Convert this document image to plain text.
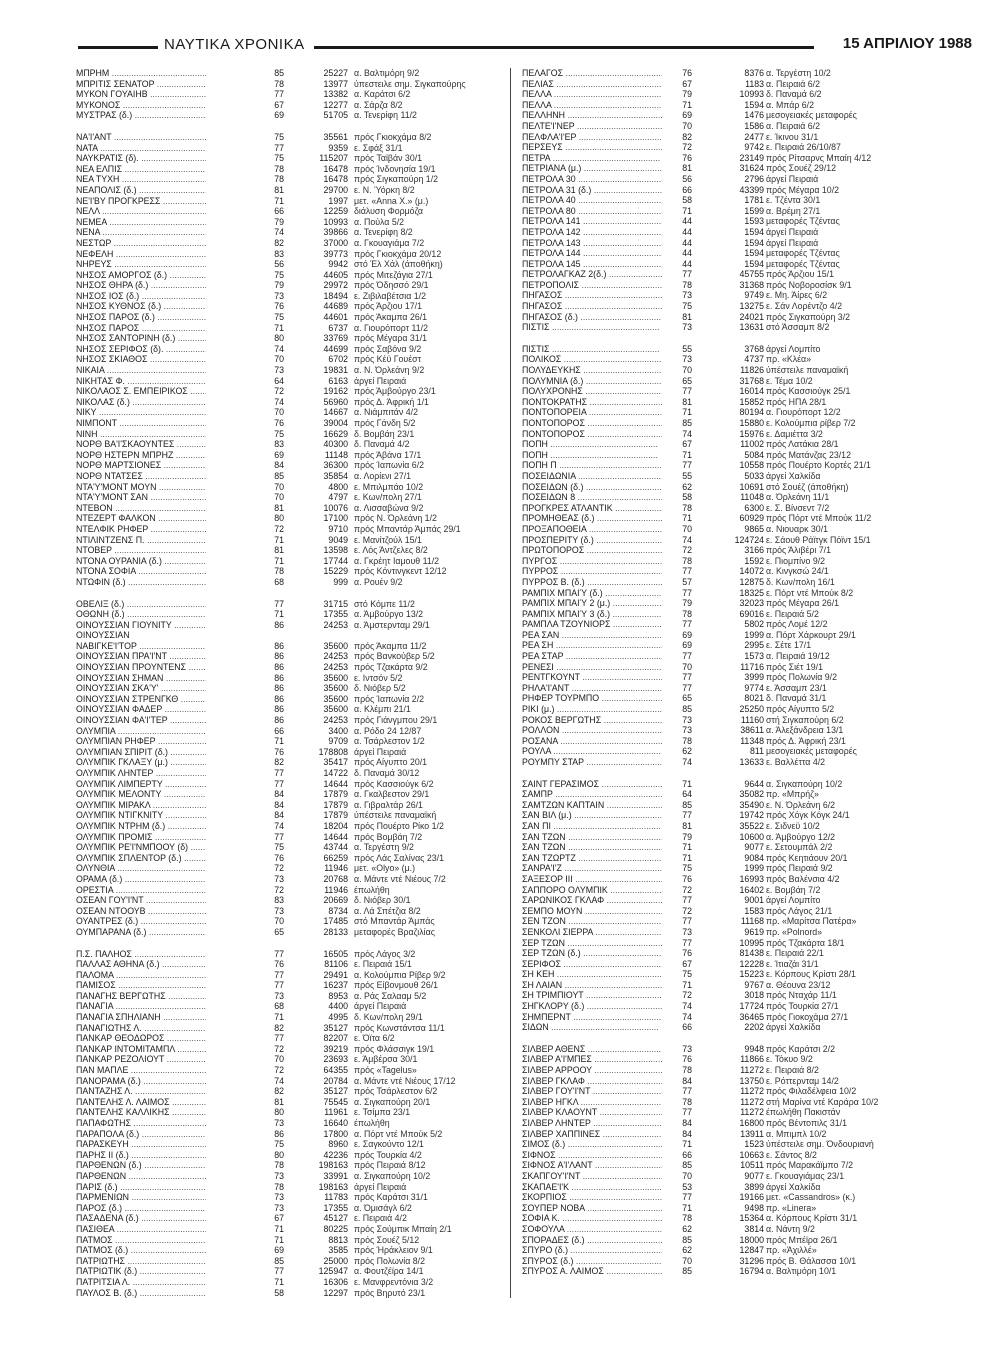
ΝΑΥΤΙΚΑ ΧΡΟΝΙΚΑ	15 ΑΠΡΙΛΙΟΥ 1988
ΜΠΡΗΜ .....	85	25227 α. Βαλτιμόρη 9/2
ΜΠΡΙΤΙΣ ΣΕΝΑΤΟΡ .....	78	13977 ύπεστειλε σημ. Σιγκαπούρης
ΜΥΚΟΝ ΓΟΥΑΙΗΒ .....	77	13382 α. Καράτσι 6/2
ΜΥΚΟΝΟΣ .....	67	12277 α. Σάρζα 8/2
ΜΥΣΤΡΑΣ (δ.) .....	69	51705 α. Τενερίφη 11/2
ΝΑ'Ι'ΑΝΤ .....	75	35561 πρός Γκιοκχάμα 8/2
ΝΑΤΑ .....	77	9359 ε. Σφάξ 31/1
ΝΑΥΚΡΑΤΙΣ (δ). .....	75	115207 πρός Ταϊβάν 30/1
ΝΕΑ ΕΛΠΙΣ .....	78	16478 πρός Ίνδονησία 19/1
ΝΕΑ ΤΥΧΗ .....	78	16478 πρός Σιγκαπούρη 1/2
ΝΕΑΠΟΛΙΣ (δ.) .....	81	29700 ε. Ν. Ύόρκη 8/2
ΝΕ'Ι'ΒΥ ΠΡΟΓΚΡΕΣΣ .....	71	1997 μετ. «Anna X.» (μ.)
ΝΕΛΛ .....	66	12259 διάλυση Φορμόζα
ΝΕΜΕΑ .....	79	10993 α. Πούλα 5/2
ΝΕΝΑ .....	74	39866 α. Τενερίφη 8/2
ΝΕΣΤΩΡ .....	82	37000 α. Γκουαγιάμα 7/2
ΝΕΦΕΛΗ .....	83	39773 πρός Γκιοκχάμα 20/12
ΝΗΡΕΥΣ .....	56	9942 στό Έλ Χάλ (άποθήκη)
ΝΗΣΟΣ ΑΜΟΡΓΟΣ (δ.) .....	75	44605 πρός Μιτεζάγια 27/1
ΝΗΣΟΣ ΘΗΡΑ (δ.) .....	79	29972 πρός Όδησσό 29/1
ΝΗΣΟΣ ΙΟΣ (δ.) .....	73	18494 ε. Ζιβιλαβέτσια 1/2
ΝΗΣΟΣ ΚΥΘΝΟΣ (δ.) .....	76	44689 πρός Άρζιου 17/1
ΝΗΣΟΣ ΠΑΡΟΣ (δ.) .....	75	44601 πρός Άκαμπα 26/1
ΝΗΣΟΣ ΠΑΡΟΣ .....	71	6737 α. Γιουρόπορτ 11/2
ΝΗΣΟΣ ΣΑΝΤΟΡΙΝΗ (δ.) .....	80	33769 πρός Μέγαρα 31/1
ΝΗΣΟΣ ΣΕΡΙΦΟΣ (δ). .....	74	44699 πρός Σαβόνα 9/2
ΝΗΣΟΣ ΣΚΙΑΘΟΣ .....	70	6702 πρός Κέϋ Γουέστ
ΝΙΚΑΙΑ .....	73	19831 α. Ν. Όρλεάνη 9/2
ΝΙΚΗΤΑΣ Φ. .....	64	6163 άργεί Πειραιά
ΝΙΚΟΛΑΟΣ Σ. ΕΜΠΕΙΡΙΚΟΣ .....	72	19162 πρός Άμβούργο 23/1
ΝΙΚΟΛΑΣ (δ.) .....	74	56960 πρός Δ. Άφρική 1/1
ΝΙΚΥ .....	70	14667 α. Νιάμπιτάν 4/2
ΝΙΜΠΟΝΤ .....	76	39004 πρός Γάνδη 5/2
ΝΙΝΗ .....	75	16629 δ. Βομβάη 23/1
ΝΟΡΘ ΒΑ'Ι'ΣΚΑΟΥΝΤΕΣ .....	83	40300 δ. Παναμά 4/2
ΝΟΡΘ ΗΣΤΕΡΝ ΜΠΡΗΖ .....	69	11148 πρός Άβάνα 17/1
ΝΟΡΘ ΜΑΡΤΣΙΟΝΕΣ .....	84	36300 πρός Ίαπωνία 6/2
ΝΟΡΘ ΝΤΑΤΣΕΣ .....	85	35854 α. Λορίενι 27/1
ΝΤΑ'Υ'ΜΟΝΤ ΜΟΥΝ .....	70	4800 ε. Μπιλμπάο 10/2
ΝΤΑ'Υ'ΜΟΝΤ ΣΑΝ .....	70	4797 ε. Κων/πολη 27/1
ΝΤΕΒΟΝ .....	81	10076 α. Λισσαβώνα 9/2
ΝΤΕΖΕΡΤ ΦΑΛΚΟΝ .....	80	17100 πρός Ν. Όρλεάνη 1/2
ΝΤΕΛΦΙΚ ΡΗΦΕΡ .....	72	9710 πρός Μπαντάρ Άμπάς 29/1
ΝΤΙΛΙΝΤΖΕΝΣ Π. .....	71	9049 ε. Μανίτζούλ 15/1
ΝΤΟΒΕΡ .....	81	13598 ε. Λός Άντζελες 8/2
ΝΤΟΝΑ ΟΥΡΑΝΙΑ (δ.) .....	71	17744 α. Γκρέητ Ιαμουθ 11/2
ΝΤΟΝΑ ΣΟΦΙΑ .....	78	15229 πρός Κόντινγκεντ 12/12
ΝΤΩΦΙΝ (δ.) .....	68	999 α. Ρουέν 9/2
ΟΒΕΛΙΞ (δ.) .....	77	31715 στό Κόμπε 11/2
ΟΘΩΝΗ (δ.) .....	71	17355 α. Άμβούργο 13/2
ΟΙΝΟΥΣΣΙΑΝ ΓΙΟΥΝΙΤΥ .....	86	24253 α. Άμστερνταμ 29/1
ΟΙΝΟΥΣΣΙΑΝ
ΝΑΒΙΓΚΕ'Ι'ΤΟΡ .....	86	35600 πρός Άκαμπα 11/2
ΟΙΝΟΥΣΣΙΑΝ ΠΡΑ'Ι'ΝΤ .....	86	24253 πρός Βανκούβερ 5/2
ΟΙΝΟΥΣΣΙΑΝ ΠΡΟΥΝΤΕΝΣ .....	86	24253 πρός Τζακάρτα 9/2
ΟΙΝΟΥΣΣΙΑΝ ΣΗΜΑΝ .....	86	35600 ε. Ιντσόν 5/2
ΟΙΝΟΥΣΣΙΑΝ ΣΚΑ'Υ' .....	86	35600 δ. Νιόβερ 5/2
ΟΙΝΟΥΣΣΙΑΝ ΣΤΡΕΝΓΚΘ .....	86	35600 πρός Ίαπωνία 2/2
ΟΙΝΟΥΣΣΙΑΝ ΦΑΔΕΡ .....	86	35600 α. Κλέμπι 21/1
ΟΙΝΟΥΣΣΙΑΝ ΦΑ'Ι'ΤΕΡ .....	86	24253 πρός Γιάνγμπου 29/1
ΟΛΥΜΠΙΑ .....	66	3400 α. Ρόδο 24 12/87
ΟΛΥΜΠΙΑΝ ΡΗΦΕΡ .....	71	9709 α. Τσάρλεστον 1/2
ΟΛΥΜΠΙΑΝ ΣΠΙΡΙΤ (δ.) .....	76	178808 άργεί Πειραιά
ΟΛΥΜΠΙΚ ΓΚΛΑΞΥ (μ.) .....	82	35417 πρός Αίγυπτο 20/1
ΟΛΥΜΠΙΚ ΛΗΝΤΕΡ .....	77	14722 δ. Παναμά 30/12
ΟΛΥΜΠΙΚ ΛΙΜΠΕΡΤΥ .....	77	14644 πρός Κασσιούγκ 6/2
ΟΛΥΜΠΙΚ ΜΕΛΟΝΤΥ .....	84	17879 α. Γκαλβεστον 29/1
ΟΛΥΜΠΙΚ ΜΙΡΑΚΛ .....	84	17879 α. Γιβραλτάρ 26/1
ΟΛΥΜΠΙΚ ΝΤΙΓΚΝΙΤΥ .....	84	17879 ύπέστειλε παναμαϊκή
ΟΛΥΜΠΙΚ ΝΤΡΗΜ (δ.) .....	74	18204 πρός Πουέρτο Ρίκο 1/2
ΟΛΥΜΠΙΚ ΠΡΟΜΙΣ .....	77	14644 πρός Βομβάη 7/2
ΟΛΥΜΠΙΚ ΡΕ'Ι'ΝΜΠΟΟΥ (δ) .....	75	43744 α. Τεργέστη 9/2
ΟΛΥΜΠΙΚ ΣΠΛΕΝΤΟΡ (δ.) .....	76	66259 πρός Λάς Σαλίνας 23/1
ΟΛΥΝΘΙΑ .....	72	11946 μετ. «Olyo» (μ.)
ΟΡΑΜΑ (δ.) .....	73	20768 α. Μάντε ντέ Νιέους 7/2
ΟΡΕΣΤΙΑ .....	72	11946 έπωλήθη
ΟΣΕΑΝ ΓΟΥ'Ι'ΝΤ .....	83	20669 δ. Νιόβερ 30/1
ΟΣΕΑΝ ΝΤΟΟΥΒ .....	73	8734 α. Λά Σπέτζια 8/2
ΟΥΑΝΤΡΕΣ (δ.) .....	70	17485 στό Μπαντάρ Άμπάς
ΟΥΜΠΑΡΑΝΑ (δ.) .....	65	28133 μεταφορές Βραζιλίας
Π.Σ. ΠΑΛΗΟΣ .....	77	16505 πρός Λάγος 3/2
ΠΑΛΛΑΣ ΑΘΗΝΑ (δ.) .....	76	81106 ε. Πειραιά 15/1
ΠΑΛΟΜΑ .....	77	29491 α. Κολούμπια Ρίβερ 9/2
ΠΑΜΙΣΟΣ .....	77	16237 πρός Είβονμουθ 26/1
ΠΑΝΑΓΗΣ ΒΕΡΓΩΤΗΣ .....	73	8953 α. Ράς Σαλααμ 5/2
ΠΑΝΑΓΙΑ .....	68	4400 άργεί Πειραιά
ΠΑΝΑΓΙΑ ΣΠΗΛΙΑΝΗ .....	71	4995 δ. Κων/πολη 29/1
ΠΑΝΑΓΙΩΤΗΣ Λ. .....	82	35127 πρός Κωνστάντσα 11/1
ΠΑΝΚΑΡ ΘΕΟΔΩΡΟΣ .....	77	82207 ε. Όϊτα 6/2
ΠΑΝΚΑΡ ΙΝΤΟΜΙΤΑΜΠΛ .....	72	39219 πρός Φλάσσιγκ 19/1
ΠΑΝΚΑΡ ΡΕΖΟΛΙΟΥΤ .....	70	23693 ε. Άμβέρσα 30/1
ΠΑΝ ΜΑΠΛΕ .....	72	64355 πρός «Tagelus»
ΠΑΝΟΡΑΜΑ (δ.) .....	74	20784 α. Μάντε ντέ Νιέους 17/12
ΠΑΝΤΑΖΗΣ Λ. .....	82	35127 πρός Τσάρλεστον 6/2
ΠΑΝΤΕΛΗΣ Λ. ΛΑΙΜΟΣ .....	81	75545 α. Σιγκαπούρη 20/1
ΠΑΝΤΕΛΗΣ ΚΑΛΛΙΚΗΣ .....	80	11961 ε. Τσίμπα 23/1
ΠΑΠΑΦΩΤΗΣ .....	73	16640 έπωλήθη
ΠΑΡΑΠΟΛΑ (δ.) .....	86	17800 α. Πόρτ ντέ Μπούκ 5/2
ΠΑΡΑΣΚΕΥΗ .....	75	8960 ε. Σαγκούντο 12/1
ΠΑΡΗΣ ΙΙ (δ.) .....	80	42236 πρός Τουρκία 4/2
ΠΑΡΘΕΝΩΝ (δ.) .....	78	198163 πρός Πειραιά 8/12
ΠΑΡΘΕΝΩΝ .....	73	33991 α. Σιγκαπούρη 10/2
ΠΑΡΙΣ (δ.) .....	78	198163 άργεί Πειραιά
ΠΑΡΜΕΝΙΩΝ .....	73	11783 πρός Καράτσι 31/1
ΠΑΡΟΣ (δ.) .....	73	17355 α. Όμισάγλ 6/2
ΠΑΣΑΔΕΝΑ (δ.) .....	67	45127 ε. Πειραιά 4/2
ΠΑΣΙΘΕΑ .....	71	80225 πρός Σούμπικ Μπαίη 2/1
ΠΑΤΜΟΣ .....	71	8813 πρός Σουέζ 5/12
ΠΑΤΜΟΣ (δ.) .....	69	3585 πρός Ήράκλειον 9/1
ΠΑΤΡΙΩΤΗΣ .....	85	25000 πρός Πολωνία 8/2
ΠΑΤΡΙΩΤΙΚ (δ.) .....	77	125947 α. Φουτζέϊρα 14/1
ΠΑΤΡΙΤΣΙΑ Λ. .....	71	16306 ε. Μανφρεντόνια 3/2
ΠΑΥΛΟΣ Β. (δ.) .....	58	12297 πρός Βηρυτό 23/1
ΠΕΛΑΓΟΣ .....	76	8376 α. Τεργέστη 10/2
ΠΕΛΙΑΣ .....	67	1183 α. Πειραιά 6/2
ΠΕΛΛΑ .....	79	10993 δ. Παναμά 6/2
ΠΕΛΛΑ .....	71	1594 α. Μπάρ 6/2
ΠΕΛΛΗΝΗ .....	69	1476 μεσογειακές μεταφορές
ΠΕΛΤΕ'Ι'ΝΕΡ .....	70	1586 α. Πειραιά 6/2
ΠΕΛΦΛΑ'Ι'ΕΡ .....	82	2477 ε. Ίκινου 31/1
ΠΕΡΣΕΥΣ .....	72	9742 ε. Πειραιά 26/10/87
ΠΕΤΡΑ .....	76	23149 πρός Ρίτσαρνς Μπαίη 4/12
ΠΕΤΡΙΑΝΑ (μ.) .....	81	31624 πρός Σουέζ 29/12
ΠΕΤΡΟΛΑ 30 .....	56	2796 άργεί Πειραιά
ΠΕΤΡΟΛΑ 31 (δ.) .....	66	43399 πρός Μέγαρα 10/2
ΠΕΤΡΟΛΑ 40 .....	58	1781 ε. Τζέντα 30/1
ΠΕΤΡΟΛΑ 80 .....	71	1599 α. Βρέμη 27/1
ΠΕΤΡΟΛΑ 141 .....	44	1593 μεταφορές Τζέντας
ΠΕΤΡΟΛΑ 142 .....	44	1594 άργεί Πειραιά
ΠΕΤΡΟΛΑ 143 .....	44	1594 άργεί Πειραιά
ΠΕΤΡΟΛΑ 144 .....	44	1594 μεταφορές Τζέντας
ΠΕΤΡΟΛΑ 145 .....	44	1594 μεταφορές Τζέντας
ΠΕΤΡΟΛΑΓΚΑΖ 2(δ.) .....	77	45755 πρός Άρζιου 15/1
ΠΕΤΡΟΠΟΛΙΣ .....	78	31368 πρός Νοβοροσίσκ 9/1
ΠΗΓΑΣΟΣ .....	73	9749 ε. Μη. Άίρες 6/2
ΠΗΓΑΣΟΣ .....	75	13275 ε. Σάν Λορέντζο 4/2
ΠΗΓΑΣΟΣ (δ.) .....	81	24021 πρός Σιγκαπούρη 3/2
ΠΙΣΤΙΣ .....	73	13631 στό Άσσαμπ 8/2
ΠΙΣΤΙΣ .....	55	3768 άργεί Λομπίτο
ΠΟΛΙΚΟΣ .....	73	4737 πρ. «Κλέα»
ΠΟΛΥΔΕΥΚΗΣ .....	70	11826 ύπέστειλε παναμαϊκή
ΠΟΛΥΜΝΙΑ (δ.) .....	65	31768 ε. Τέμα 10/2
ΠΟΛΥΧΡΟΝΗΣ .....	77	16014 πρός Κασσιούγκ 25/1
ΠΟΝΤΟΚΡΑΤΗΣ .....	81	15852 πρός ΗΠΑ 28/1
ΠΟΝΤΟΠΟΡΕΙΑ .....	71	80194 α. Γιουρόπορτ 12/2
ΠΟΝΤΟΠΟΡΟΣ .....	85	15880 ε. Κολούμπια ρίβερ 7/2
ΠΟΝΤΟΠΟΡΟΣ .....	74	15976 ε. Δαμιέττα 3/2
ΠΟΠΗ .....	67	11002 πρός Λατάκια 28/1
ΠΟΠΗ .....	71	5084 πρός Ματάνζας 23/12
ΠΟΠΗ Π .....	77	10558 πρός Πουέρτο Κορτές 21/1
ΠΟΣΕΙΔΩΝΙΑ .....	55	5033 άργεί Χαλκίδα
ΠΟΣΕΙΔΩΝ (δ.) .....	62	10691 στό Σουέζ (άποθήκη)
ΠΟΣΕΙΔΩΝ 8 .....	58	11048 α. Όρλεάνη 11/1
ΠΡΟΓΚΡΕΣ ΑΤΛΑΝΤΙΚ .....	78	6300 ε. Σ. Βίνσεντ 7/2
ΠΡΟΜΗΘΕΑΣ (δ.) .....	71	60929 πρός Πόρτ ντέ Μπούκ 11/2
ΠΡΟΞΑΠΟΘΕΙΑ .....	70	9865 α. Νιουαρκ 30/1
ΠΡΟΣΠΕΡΙΤΥ (δ.) .....	74	124724 ε. Σάουθ Ράϊτγκ Πόϊντ 15/1
ΠΡΩΤΟΠΟΡΟΣ .....	72	3166 πρός Άλιβέρι 7/1
ΠΥΡΓΟΣ .....	78	1592 ε. Πιομπίνο 9/2
ΠΥΡΡΟΣ .....	77	14072 α. Κινγκσώ 24/1
ΠΥΡΡΟΣ Β. (δ.) .....	57	12875 δ. Κων/πολη 16/1
ΡΑΜΠΙΧ ΜΠΑΙΎ (δ.) .....	77	18325 ε. Πόρτ ντέ Μπούκ 8/2
ΡΑΜΠΙΧ ΜΠΑΙΎ 2 (μ.) .....	79	32023 πρός Μέγαρα 26/1
ΡΑΜΠΙΧ ΜΠΑΙΎ 3 (δ.) .....	78	69016 ε. Πειραιά 5/2
ΡΑΜΠΛΑ ΤΖΟΥΝΙΟΡΣ .....	77	5802 πρός Λομέ 12/2
ΡΕΑ ΣΑΝ .....	69	1999 α. Πόρτ Χάρκουρτ 29/1
ΡΕΑ ΣΗ .....	69	2995 ε. Σέτε 17/1
ΡΕΑ ΣΤΑΡ .....	77	1573 α. Πειραιά 19/12
ΡΕΝΕΣΙ .....	70	11716 πρός Σιέτ 19/1
ΡΕΝΤΓΚΟΥΝΤ .....	77	3999 πρός Πολωνία 9/2
ΡΗΛΑ'Ι'ΑΝΤ .....	77	9774 ε. Άσσαμπ 23/1
ΡΗΦΕΡ ΤΟΥΡΜΠΟ .....	65	8021 δ. Παναμά 31/1
ΡΙΚΙ (μ.) .....	85	25250 πρός Αίγυπτο 5/2
ΡΟΚΟΣ ΒΕΡΓΩΤΗΣ .....	73	11160 στή Σιγκαπούρη 6/2
ΡΟΛΛΟΝ .....	73	38611 α. Άλεξάνδρεια 13/1
ΡΟΣΑΝΑ .....	78	11348 πρός Δ. Άφρική 23/1
ΡΟΥΛΑ .....	62	811 μεσογειακές μεταφορές
ΡΟΥΜΠΥ ΣΤΑΡ .....	74	13633 ε. Βαλλέττα 4/2
ΣΑΙΝΤ ΓΕΡΑΣΙΜΟΣ .....	71	9644 α. Σιγκαπούρη 10/2
ΣΑΜΠΡ .....	64	35082 πρ. «Μπρήζ»
ΣΑΜΤΖΩΝ ΚΑΠΤΑΙΝ .....	85	35490 ε. Ν. Όρλεάνη 6/2
ΣΑΝ ΒΙΛ (μ.) .....	77	19742 πρός Χόγκ Κόγκ 24/1
ΣΑΝ ΠΙ .....	81	35522 ε. Σιδνεϋ 10/2
ΣΑΝ ΤΖΩΝ .....	79	10600 α. Άμβούργο 12/2
ΣΑΝ ΤΖΩΝ .....	71	9077 ε. Σετουμπάλ 2/2
ΣΑΝ ΤΖΩΡΤΖ .....	71	9084 πρός Κεητιάουν 20/1
ΣΑΝΡΑ'Ι'Ζ .....	75	1999 πρός Πειραιά 9/2
ΣΑΞΕΣΟΡ ΙΙΙ .....	76	16993 πρός Βαλένσια 4/2
ΣΑΠΠΟΡΟ ΟΛΥΜΠΙΚ .....	72	16402 ε. Βομβάη 7/2
ΣΑΡΩΝΙΚΟΣ ΓΚΛΑΦ .....	77	9001 άργεί Λομπίτο
ΣΕΜΠΟ ΜΟΥΝ .....	72	1583 πρός Λάγος 21/1
ΣΕΝ ΤΖΟΝ .....	77	11168 πρ. «Μαρίτσα Πατέρα»
ΣΕΝΚΟΛΙ ΣΙΕΡΡΑ .....	73	9619 πρ. «Polnord»
ΣΕΡ ΤΖΩΝ .....	77	10995 πρός Τζακάρτα 18/1
ΣΕΡ ΤΖΩΝ (δ.) .....	76	81438 ε. Πειραιά 22/1
ΣΕΡΙΦΟΣ .....	67	12228 ε. Ίτιαζάι 31/1
ΣΗ ΚΕΗ .....	75	15223 ε. Κόρπους Κρίστι 28/1
ΣΗ ΛΑΙΑΝ .....	71	9767 α. Θέουνα 23/12
ΣΗ ΤΡΙΜΠΙΟΥΤ .....	72	3018 πρός Νταχάρ 11/1
ΣΗΓΚΛΟΡΥ (δ.) .....	74	17724 πρός Τουρκία 27/1
ΣΗΜΠΕΡΝΤ .....	74	36465 πρός Γιοκοχάμα 27/1
ΣΙΔΩΝ .....	66	2202 άργεί Χαλκίδα
ΣΙΛΒΕΡ ΑΘΕΝΣ .....	73	9948 πρός Καράτσι 2/2
ΣΙΛΒΕΡ Α'Ι'ΜΠΕΣ .....	76	11866 ε. Τόκυο 9/2
ΣΙΛΒΕΡ ΑΡΡΟΟΥ .....	78	11272 ε. Πειραιά 8/2
ΣΙΛΒΕΡ ΓΚΛΑΦ .....	84	13750 ε. Ρόττερνταμ 14/2
ΣΙΛΒΕΡ ΓΟΥ'Ι'ΝΤ .....	77	11272 πρός Φιλαδέλφεια 10/2
ΣΙΛΒΕΡ ΗΓΚΛ .....	78	11272 στή Μαρίνα ντέ Καράρα 10/2
ΣΙΛΒΕΡ ΚΛΑΟΥΝΤ .....	77	11272 έπωλήθη Πακιστάν
ΣΙΛΒΕΡ ΛΗΝΤΕΡ .....	84	16800 πρός Βέντοπιλς 31/1
ΣΙΛΒΕΡ ΧΑΠΠΙΝΕΣ .....	84	13911 α. Μπιμπλ 10/2
ΣΙΜΟΣ (δ.) .....	71	1523 ύπέστειλε σημ. Όνδουριανή
ΣΙΦΝΟΣ .....	66	10663 ε. Σάντος 8/2
ΣΙΦΝΟΣ Α'Ι'ΛΑΝΤ .....	85	10511 πρός Μαρακάϊμπο 7/2
ΣΚΑΠΓΟΥ'Ι'ΝΤ .....	70	9077 ε. Γκουαγιάμας 23/1
ΣΚΑΠΑΕ'Ι'Κ .....	53	3899 άργεί Χαλκίδα
ΣΚΟΡΠΙΟΣ .....	77	19166 μετ. «Cassandros» (κ.)
ΣΟΥΠΕΡ ΝΟΒΑ .....	71	9498 πρ. «Linera»
ΣΟΦΙΑ Κ. .....	78	15364 α. Κόρπους Κρίστι 31/1
ΣΟΦΟΥΛΑ .....	62	3814 α. Νάντη 9/2
ΣΠΟΡΑΔΕΣ (δ.) .....	85	18000 πρός Μπέϊρα 26/1
ΣΠΥΡΟ (δ.) .....	62	12847 πρ. «Άχιλλέ»
ΣΠΥΡΟΣ (δ.) .....	70	31296 πρός Β. Θάλασσα 10/1
ΣΠΥΡΟΣ Α. ΛΑΙΜΟΣ .....	85	16794 α. Βαλτιμόρη 10/1
